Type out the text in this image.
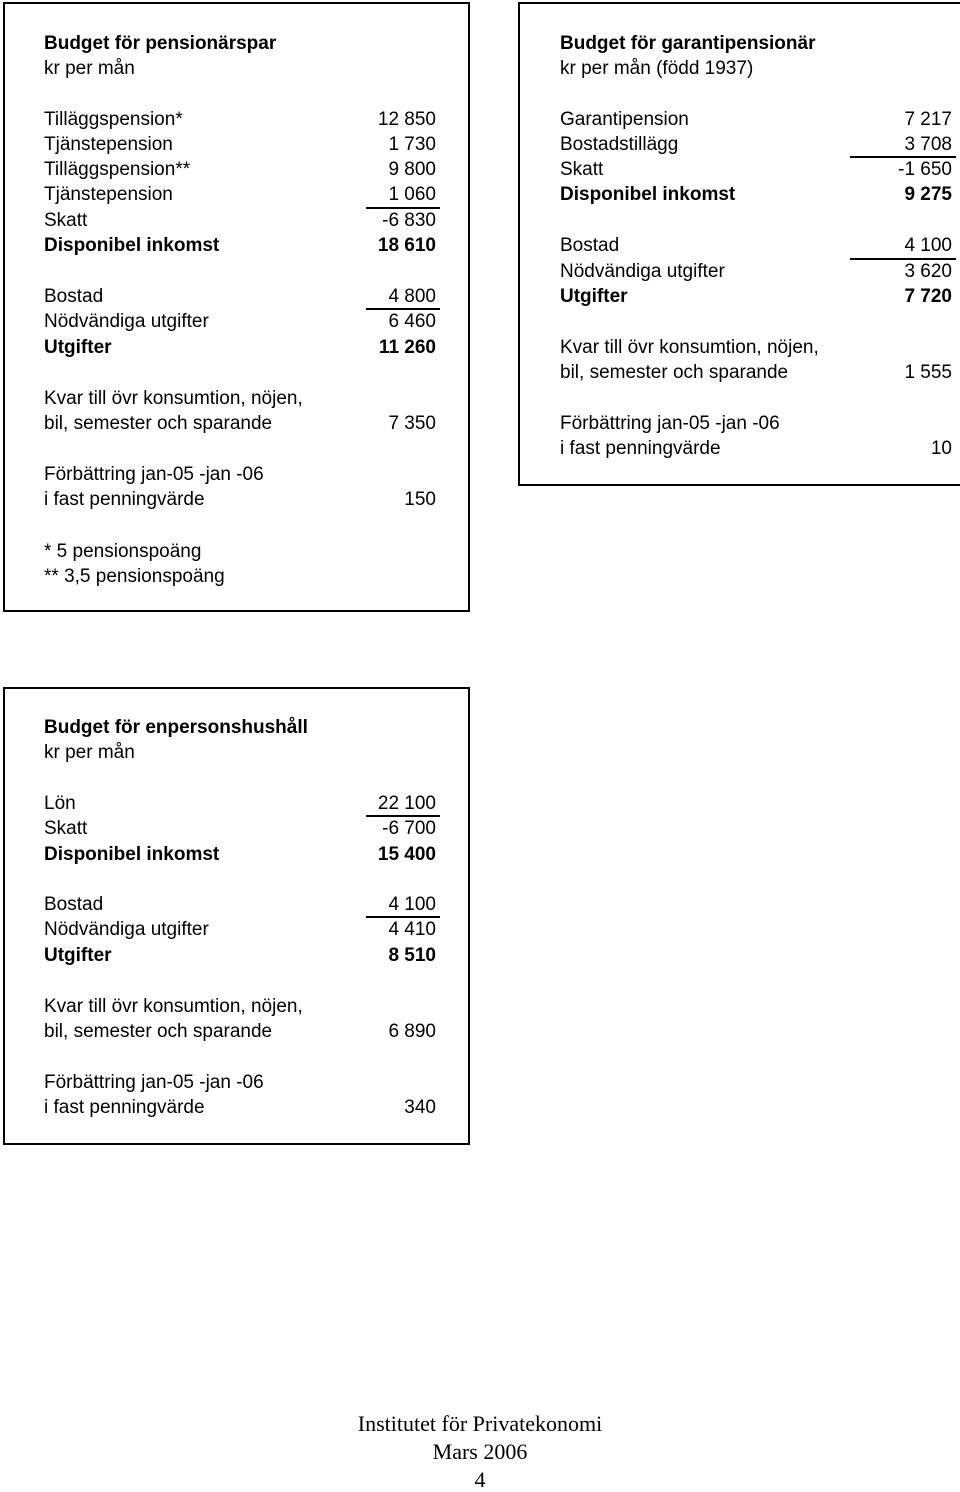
Budget för pensionärspar
kr per mån
Tilläggspension*	12 850
Tjänstepension	1 730
Tilläggspension**	9 800
Tjänstepension	1 060
Skatt	-6 830
Disponibel inkomst	18 610
Bostad	4 800
Nödvändiga utgifter	6 460
Utgifter	11 260
Kvar till övr konsumtion, nöjen,
bil, semester och sparande	7 350
Förbättring jan-05 -jan -06
i fast penningvärde	150
* 5 pensionspoäng
** 3,5 pensionspoäng
Budget för garantipensionär
kr per mån (född 1937)
Garantipension	7 217
Bostadstillägg	3 708
Skatt	-1 650
Disponibel inkomst	9 275
Bostad	4 100
Nödvändiga utgifter	3 620
Utgifter	7 720
Kvar till övr konsumtion, nöjen,
bil, semester och sparande	1 555
Förbättring jan-05 -jan -06
i fast penningvärde	10
Budget för enpersonshushåll
kr per mån
Lön	22 100
Skatt	-6 700
Disponibel inkomst	15 400
Bostad	4 100
Nödvändiga utgifter	4 410
Utgifter	8 510
Kvar till övr konsumtion, nöjen,
bil, semester och sparande	6 890
Förbättring jan-05 -jan -06
i fast penningvärde	340
Institutet för Privatekonomi
Mars 2006
4
